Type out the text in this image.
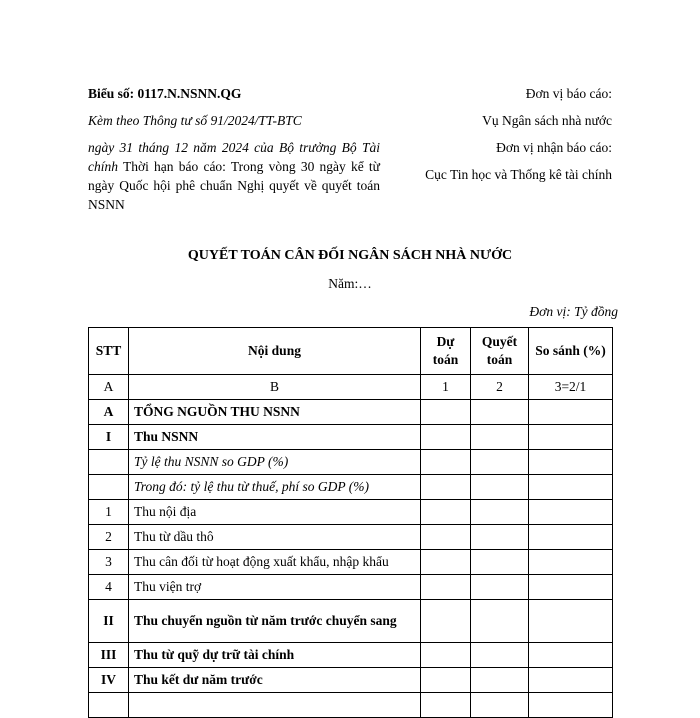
Biểu số: 0117.N.NSNN.QG
Kèm theo Thông tư số 91/2024/TT-BTC
ngày 31 tháng 12 năm 2024 của Bộ trưởng Bộ Tài chính Thời hạn báo cáo: Trong vòng 30 ngày kể từ ngày Quốc hội phê chuẩn Nghị quyết về quyết toán NSNN
Đơn vị báo cáo:
Vụ Ngân sách nhà nước
Đơn vị nhận báo cáo:
Cục Tin học và Thống kê tài chính
QUYẾT TOÁN CÂN ĐỐI NGÂN SÁCH NHÀ NƯỚC
Năm:…
Đơn vị: Tỷ đồng
STT	Nội dung	Dự toán	Quyết toán	So sánh (%)
A	B	1	2	3=2/1
A	TỔNG NGUỒN THU NSNN			
I	Thu NSNN			
	Tỷ lệ thu NSNN so GDP (%)			
	Trong đó: tỷ lệ thu từ thuế, phí so GDP (%)			
1	Thu nội địa			
2	Thu từ dầu thô			
3	Thu cân đối từ hoạt động xuất khẩu, nhập khẩu			
4	Thu viện trợ			
II	Thu chuyển nguồn từ năm trước chuyển sang			
III	Thu từ quỹ dự trữ tài chính			
IV	Thu kết dư năm trước			
